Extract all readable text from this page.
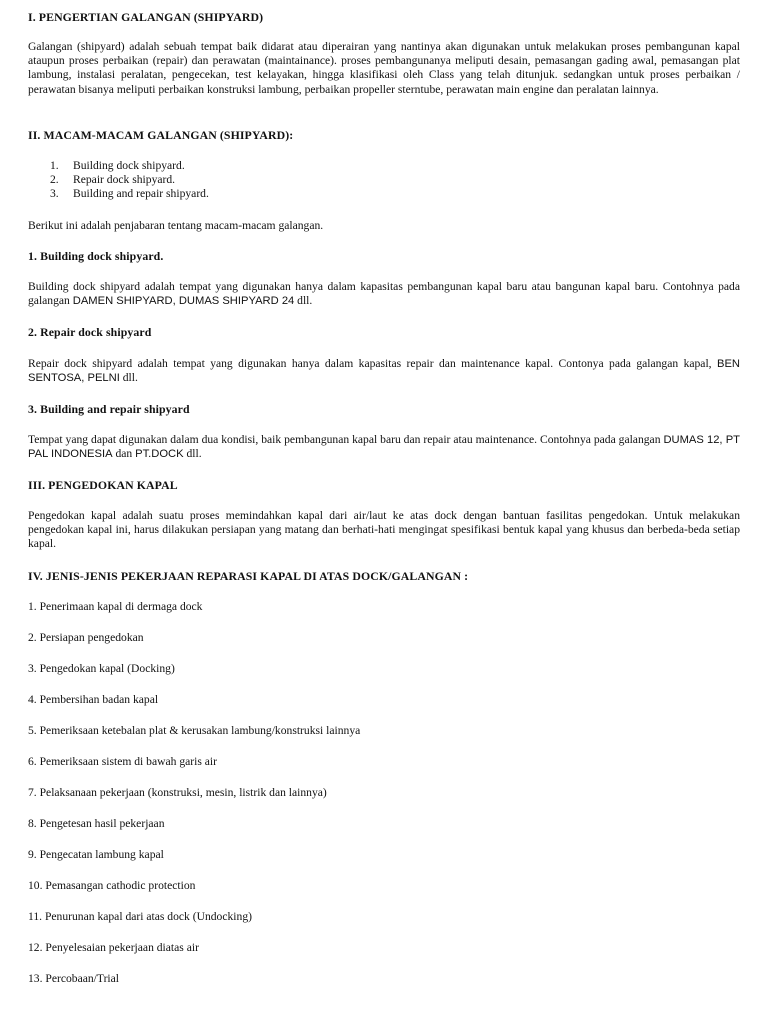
I. PENGERTIAN GALANGAN (SHIPYARD)

Galangan (shipyard) adalah sebuah tempat baik didarat atau diperairan yang nantinya akan digunakan untuk melakukan proses pembangunan kapal ataupun proses perbaikan (repair) dan perawatan (maintainance). proses pembangunanya meliputi desain, pemasangan gading awal, pemasangan plat lambung, instalasi peralatan, pengecekan, test kelayakan, hingga klasifikasi oleh Class yang telah ditunjuk. sedangkan untuk proses perbaikan / perawatan bisanya meliputi perbaikan konstruksi lambung, perbaikan propeller sterntube, perawatan main engine dan peralatan lainnya.

II. MACAM-MACAM GALANGAN (SHIPYARD):

1. Building dock shipyard.
2. Repair dock shipyard.
3. Building and repair shipyard.

Berikut ini adalah penjabaran tentang macam-macam galangan.

1. Building dock shipyard.

Building dock shipyard adalah tempat yang digunakan hanya dalam kapasitas pembangunan kapal baru atau bangunan kapal baru. Contohnya pada galangan DAMEN SHIPYARD, DUMAS SHIPYARD 24 dll.

2. Repair dock shipyard

Repair dock shipyard adalah tempat yang digunakan hanya dalam kapasitas repair dan maintenance kapal. Contonya pada galangan kapal, BEN SENTOSA, PELNI dll.

3. Building and repair shipyard

Tempat yang dapat digunakan dalam dua kondisi, baik pembangunan kapal baru dan repair atau maintenance. Contohnya pada galangan DUMAS 12, PT PAL INDONESIA dan PT.DOCK dll.

III. PENGEDOKAN KAPAL

Pengedokan kapal adalah suatu proses memindahkan kapal dari air/laut ke atas dock dengan bantuan fasilitas pengedokan. Untuk melakukan pengedokan kapal ini, harus dilakukan persiapan yang matang dan berhati-hati mengingat spesifikasi bentuk kapal yang khusus dan berbeda-beda setiap kapal.

IV. JENIS-JENIS PEKERJAAN REPARASI KAPAL DI ATAS DOCK/GALANGAN :

1. Penerimaan kapal di dermaga dock

2. Persiapan pengedokan

3. Pengedokan kapal (Docking)

4. Pembersihan badan kapal

5. Pemeriksaan ketebalan plat & kerusakan lambung/konstruksi lainnya

6. Pemeriksaan sistem di bawah garis air

7. Pelaksanaan pekerjaan (konstruksi, mesin, listrik dan lainnya)

8. Pengetesan hasil pekerjaan

9. Pengecatan lambung kapal

10. Pemasangan cathodic protection

11. Penurunan kapal dari atas dock (Undocking)

12. Penyelesaian pekerjaan diatas air

13. Percobaan/Trial
